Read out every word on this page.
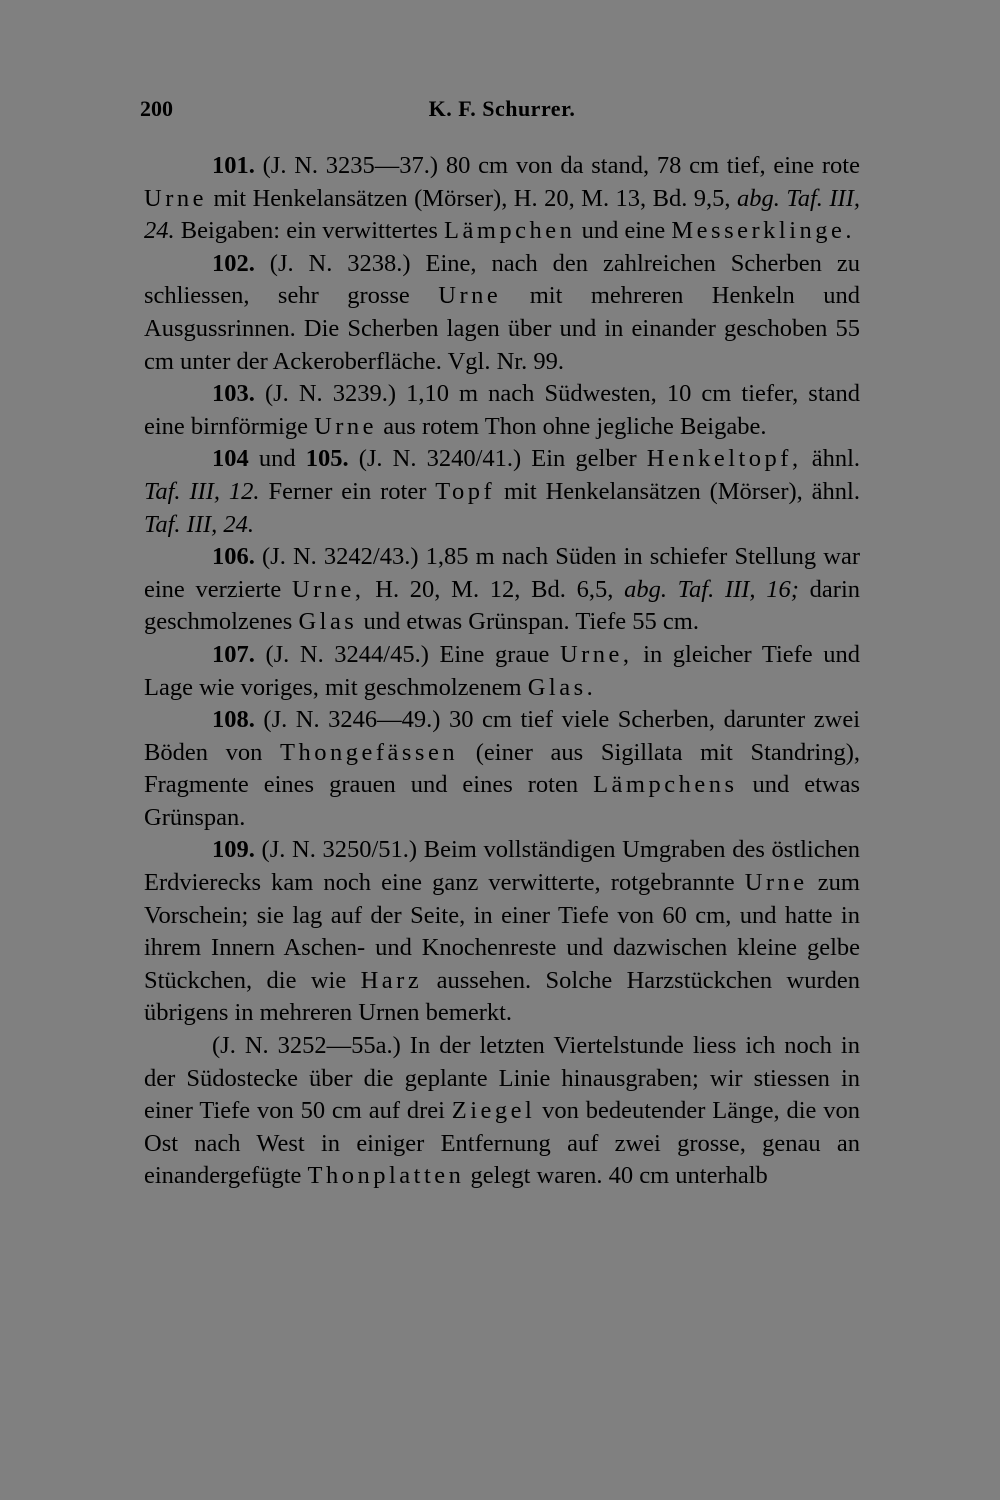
200	K. F. Schurrer.

101. (J. N. 3235—37.) 80 cm von da stand, 78 cm tief, eine rote Urne mit Henkelansätzen (Mörser), H. 20, M. 13, Bd. 9,5, abg. Taf. III, 24. Beigaben: ein verwittertes Lämpchen und eine Messerklinge.

102. (J. N. 3238.) Eine, nach den zahlreichen Scherben zu schliessen, sehr grosse Urne mit mehreren Henkeln und Ausgussrinnen. Die Scherben lagen über und in einander geschoben 55 cm unter der Ackeroberfläche. Vgl. Nr. 99.

103. (J. N. 3239.) 1,10 m nach Südwesten, 10 cm tiefer, stand eine birnförmige Urne aus rotem Thon ohne jegliche Beigabe.

104 und 105. (J. N. 3240/41.) Ein gelber Henkeltopf, ähnl. Taf. III, 12. Ferner ein roter Topf mit Henkelansätzen (Mörser), ähnl. Taf. III, 24.

106. (J. N. 3242/43.) 1,85 m nach Süden in schiefer Stellung war eine verzierte Urne, H. 20, M. 12, Bd. 6,5, abg. Taf. III, 16; darin geschmolzenes Glas und etwas Grünspan. Tiefe 55 cm.

107. (J. N. 3244/45.) Eine graue Urne, in gleicher Tiefe und Lage wie voriges, mit geschmolzenem Glas.

108. (J. N. 3246—49.) 30 cm tief viele Scherben, darunter zwei Böden von Thongefässen (einer aus Sigillata mit Standring), Fragmente eines grauen und eines roten Lämpchens und etwas Grünspan.

109. (J. N. 3250/51.) Beim vollständigen Umgraben des östlichen Erdvierecks kam noch eine ganz verwitterte, rotgebrannte Urne zum Vorschein; sie lag auf der Seite, in einer Tiefe von 60 cm, und hatte in ihrem Innern Aschen- und Knochenreste und dazwischen kleine gelbe Stückchen, die wie Harz aussehen. Solche Harzstückchen wurden übrigens in mehreren Urnen bemerkt.

(J. N. 3252—55a.) In der letzten Viertelstunde liess ich noch in der Südostecke über die geplante Linie hinausgraben; wir stiessen in einer Tiefe von 50 cm auf drei Ziegel von bedeutender Länge, die von Ost nach West in einiger Entfernung auf zwei grosse, genau an einandergefügte Thonplatten gelegt waren. 40 cm unterhalb
